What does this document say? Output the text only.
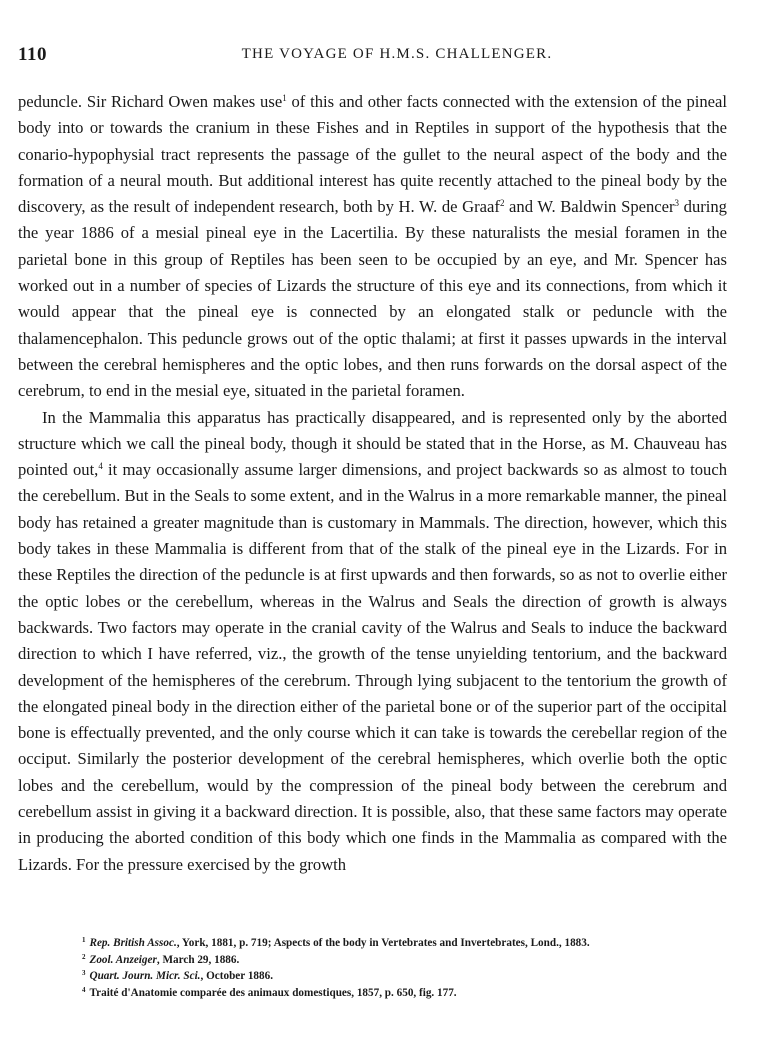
110	THE VOYAGE OF H.M.S. CHALLENGER.

peduncle. Sir Richard Owen makes use$^1$ of this and other facts connected with the extension of the pineal body into or towards the cranium in these Fishes and in Reptiles in support of the hypothesis that the conario-hypophysial tract represents the passage of the gullet to the neural aspect of the body and the formation of a neural mouth. But additional interest has quite recently attached to the pineal body by the discovery, as the result of independent research, both by H. W. de Graaf$^2$ and W. Baldwin Spencer$^3$ during the year 1886 of a mesial pineal eye in the Lacertilia. By these naturalists the mesial foramen in the parietal bone in this group of Reptiles has been seen to be occupied by an eye, and Mr. Spencer has worked out in a number of species of Lizards the structure of this eye and its connections, from which it would appear that the pineal eye is connected by an elongated stalk or peduncle with the thalamencephalon. This peduncle grows out of the optic thalami; at first it passes upwards in the interval between the cerebral hemispheres and the optic lobes, and then runs forwards on the dorsal aspect of the cerebrum, to end in the mesial eye, situated in the parietal foramen.

In the Mammalia this apparatus has practically disappeared, and is represented only by the aborted structure which we call the pineal body, though it should be stated that in the Horse, as M. Chauveau has pointed out,$^4$ it may occasionally assume larger dimensions, and project backwards so as almost to touch the cerebellum. But in the Seals to some extent, and in the Walrus in a more remarkable manner, the pineal body has retained a greater magnitude than is customary in Mammals. The direction, however, which this body takes in these Mammalia is different from that of the stalk of the pineal eye in the Lizards. For in these Reptiles the direction of the peduncle is at first upwards and then forwards, so as not to overlie either the optic lobes or the cerebellum, whereas in the Walrus and Seals the direction of growth is always backwards. Two factors may operate in the cranial cavity of the Walrus and Seals to induce the backward direction to which I have referred, viz., the growth of the tense unyielding tentorium, and the backward development of the hemispheres of the cerebrum. Through lying subjacent to the tentorium the growth of the elongated pineal body in the direction either of the parietal bone or of the superior part of the occipital bone is effectually prevented, and the only course which it can take is towards the cerebellar region of the occiput. Similarly the posterior development of the cerebral hemispheres, which overlie both the optic lobes and the cerebellum, would by the compression of the pineal body between the cerebrum and cerebellum assist in giving it a backward direction. It is possible, also, that these same factors may operate in producing the aborted condition of this body which one finds in the Mammalia as compared with the Lizards. For the pressure exercised by the growth

$^1$ Rep. British Assoc., York, 1881, p. 719; Aspects of the body in Vertebrates and Invertebrates, Lond., 1883.
$^2$ Zool. Anzeiger, March 29, 1886.
$^3$ Quart. Journ. Micr. Sci., October 1886.
$^4$ Traité d'Anatomie comparée des animaux domestiques, 1857, p. 650, fig. 177.
